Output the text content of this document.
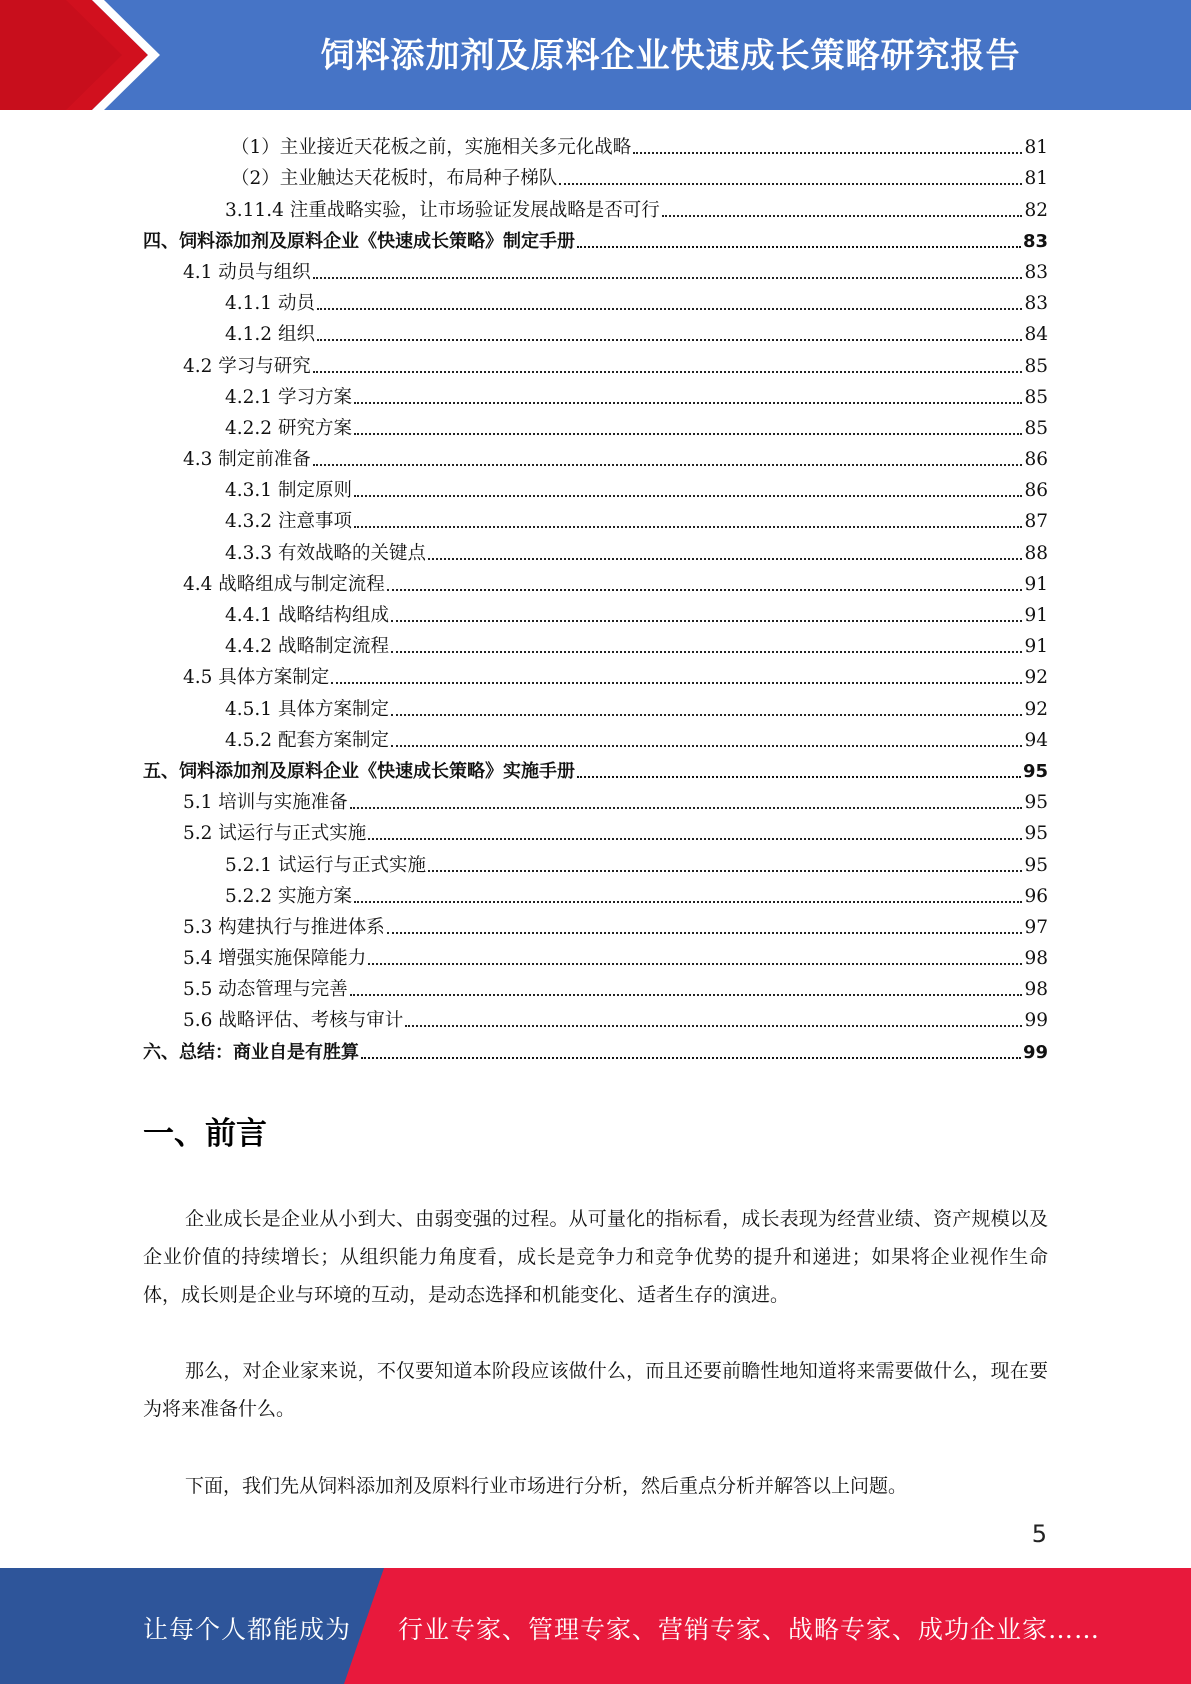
饲料添加剂及原料企业快速成长策略研究报告
（1）主业接近天花板之前，实施相关多元化战略	81
（2）主业触达天花板时，布局种子梯队	81
3.11.4 注重战略实验，让市场验证发展战略是否可行	82
四、饲料添加剂及原料企业《快速成长策略》制定手册	83
4.1 动员与组织	83
4.1.1 动员	83
4.1.2 组织	84
4.2 学习与研究	85
4.2.1 学习方案	85
4.2.2 研究方案	85
4.3 制定前准备	86
4.3.1 制定原则	86
4.3.2 注意事项	87
4.3.3 有效战略的关键点	88
4.4 战略组成与制定流程	91
4.4.1 战略结构组成	91
4.4.2 战略制定流程	91
4.5 具体方案制定	92
4.5.1 具体方案制定	92
4.5.2 配套方案制定	94
五、饲料添加剂及原料企业《快速成长策略》实施手册	95
5.1 培训与实施准备	95
5.2 试运行与正式实施	95
5.2.1 试运行与正式实施	95
5.2.2 实施方案	96
5.3 构建执行与推进体系	97
5.4 增强实施保障能力	98
5.5 动态管理与完善	98
5.6 战略评估、考核与审计	99
六、总结：商业自是有胜算	99
一、前言
企业成长是企业从小到大、由弱变强的过程。从可量化的指标看，成长表现为经营业绩、资产规模以及企业价值的持续增长；从组织能力角度看，成长是竞争力和竞争优势的提升和递进；如果将企业视作生命体，成长则是企业与环境的互动，是动态选择和机能变化、适者生存的演进。
那么，对企业家来说，不仅要知道本阶段应该做什么，而且还要前瞻性地知道将来需要做什么，现在要为将来准备什么。
下面，我们先从饲料添加剂及原料行业市场进行分析，然后重点分析并解答以上问题。
5
让每个人都能成为 行业专家、管理专家、营销专家、战略专家、成功企业家……
